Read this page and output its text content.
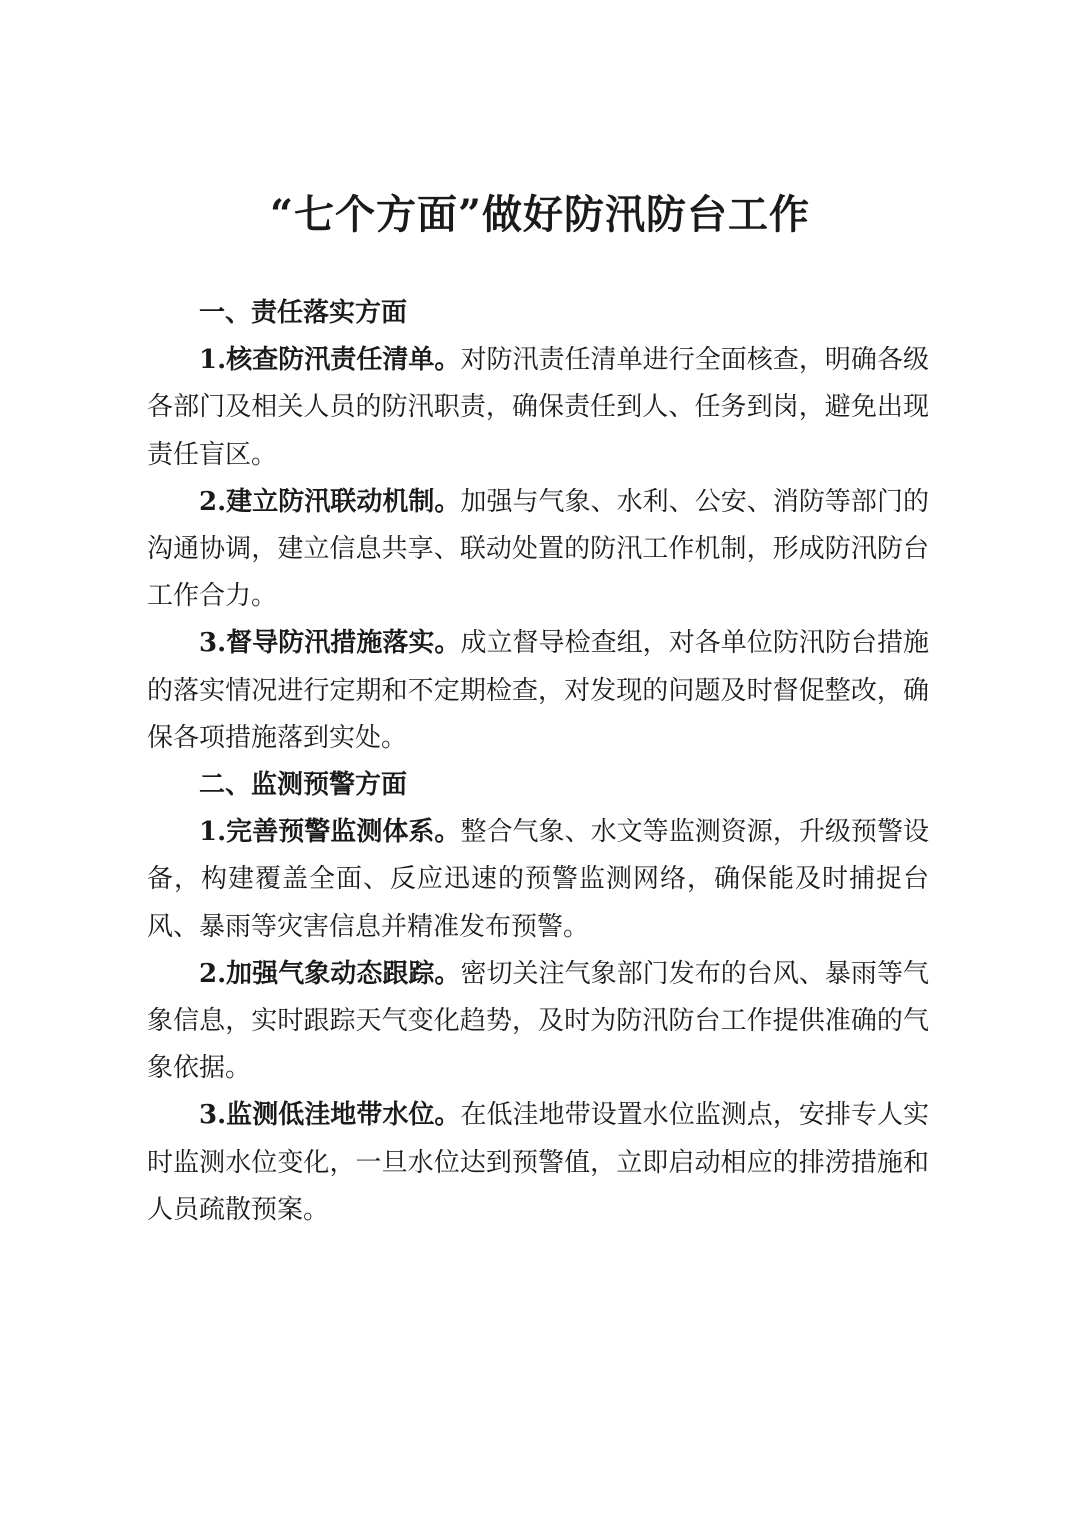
“七个方面”做好防汛防台工作
一、责任落实方面

1.核查防汛责任清单。对防汛责任清单进行全面核查，明确各级各部门及相关人员的防汛职责，确保责任到人、任务到岗，避免出现责任盲区。

2.建立防汛联动机制。加强与气象、水利、公安、消防等部门的沟通协调，建立信息共享、联动处置的防汛工作机制，形成防汛防台工作合力。

3.督导防汛措施落实。成立督导检查组，对各单位防汛防台措施的落实情况进行定期和不定期检查，对发现的问题及时督促整改，确保各项措施落到实处。

二、监测预警方面

1.完善预警监测体系。整合气象、水文等监测资源，升级预警设备，构建覆盖全面、反应迅速的预警监测网络，确保能及时捕捉台风、暴雨等灾害信息并精准发布预警。

2.加强气象动态跟踪。密切关注气象部门发布的台风、暴雨等气象信息，实时跟踪天气变化趋势，及时为防汛防台工作提供准确的气象依据。

3.监测低洼地带水位。在低洼地带设置水位监测点，安排专人实时监测水位变化，一旦水位达到预警值，立即启动相应的排涝措施和人员疏散预案。
